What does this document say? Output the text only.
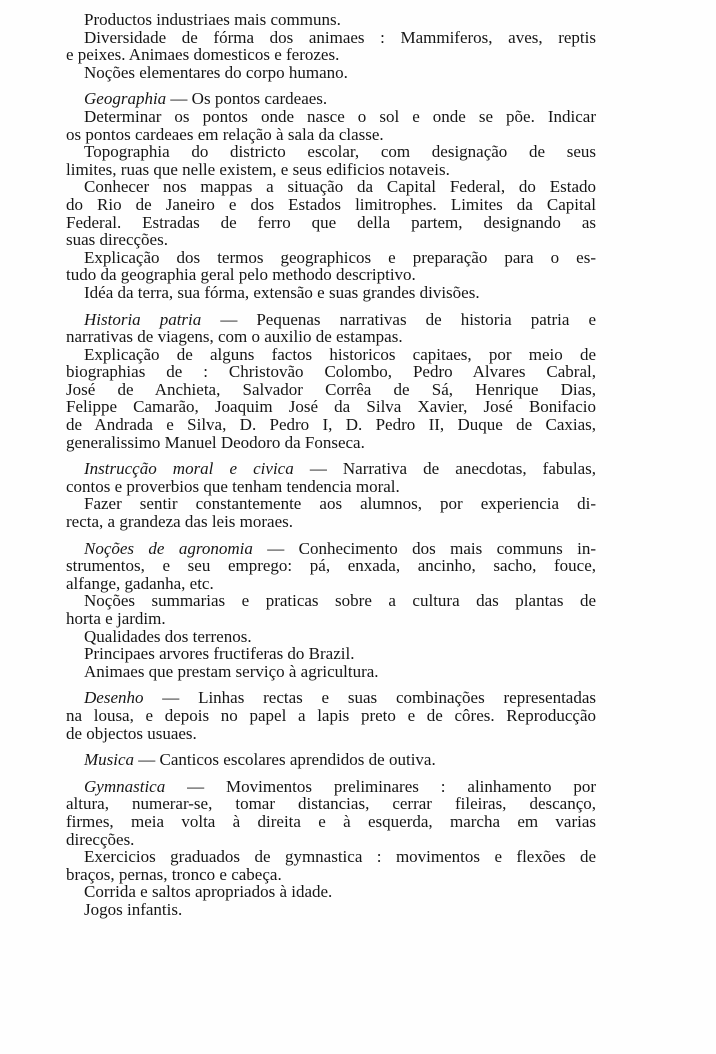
Productos industriaes mais communs.
Diversidade de fórma dos animaes : Mammiferos, aves, reptis
e peixes. Animaes domesticos e ferozes.
Noções elementares do corpo humano.
Geographia — Os pontos cardeaes.
Determinar os pontos onde nasce o sol e onde se põe. Indicar
os pontos cardeaes em relação à sala da classe.
Topographia do districto escolar, com designação de seus
limites, ruas que nelle existem, e seus edificios notaveis.
Conhecer nos mappas a situação da Capital Federal, do Estado
do Rio de Janeiro e dos Estados limitrophes. Limites da Capital
Federal. Estradas de ferro que della partem, designando as
suas direcções.
Explicação dos termos geographicos e preparação para o es-
tudo da geographia geral pelo methodo descriptivo.
Idéa da terra, sua fórma, extensão e suas grandes divisões.
Historia patria — Pequenas narrativas de historia patria e
narrativas de viagens, com o auxilio de estampas.
Explicação de alguns factos historicos capitaes, por meio de
biographias de : Christovão Colombo, Pedro Alvares Cabral,
José de Anchieta, Salvador Corrêa de Sá, Henrique Dias,
Felippe Camarão, Joaquim José da Silva Xavier, José Bonifacio
de Andrada e Silva, D. Pedro I, D. Pedro II, Duque de Caxias,
generalissimo Manuel Deodoro da Fonseca.
Instrucção moral e civica — Narrativa de anecdotas, fabulas,
contos e proverbios que tenham tendencia moral.
Fazer sentir constantemente aos alumnos, por experiencia di-
recta, a grandeza das leis moraes.
Noções de agronomia — Conhecimento dos mais communs in-
strumentos, e seu emprego: pá, enxada, ancinho, sacho, fouce,
alfange, gadanha, etc.
Noções summarias e praticas sobre a cultura das plantas de
horta e jardim.
Qualidades dos terrenos.
Principaes arvores fructiferas do Brazil.
Animaes que prestam serviço à agricultura.
Desenho — Linhas rectas e suas combinações representadas
na lousa, e depois no papel a lapis preto e de côres. Reproducção
de objectos usuaes.
Musica — Canticos escolares aprendidos de outiva.
Gymnastica — Movimentos preliminares : alinhamento por
altura, numerar-se, tomar distancias, cerrar fileiras, descanço,
firmes, meia volta à direita e à esquerda, marcha em varias
direcções.
Exercicios graduados de gymnastica : movimentos e flexões de
braços, pernas, tronco e cabeça.
Corrida e saltos apropriados à idade.
Jogos infantis.
